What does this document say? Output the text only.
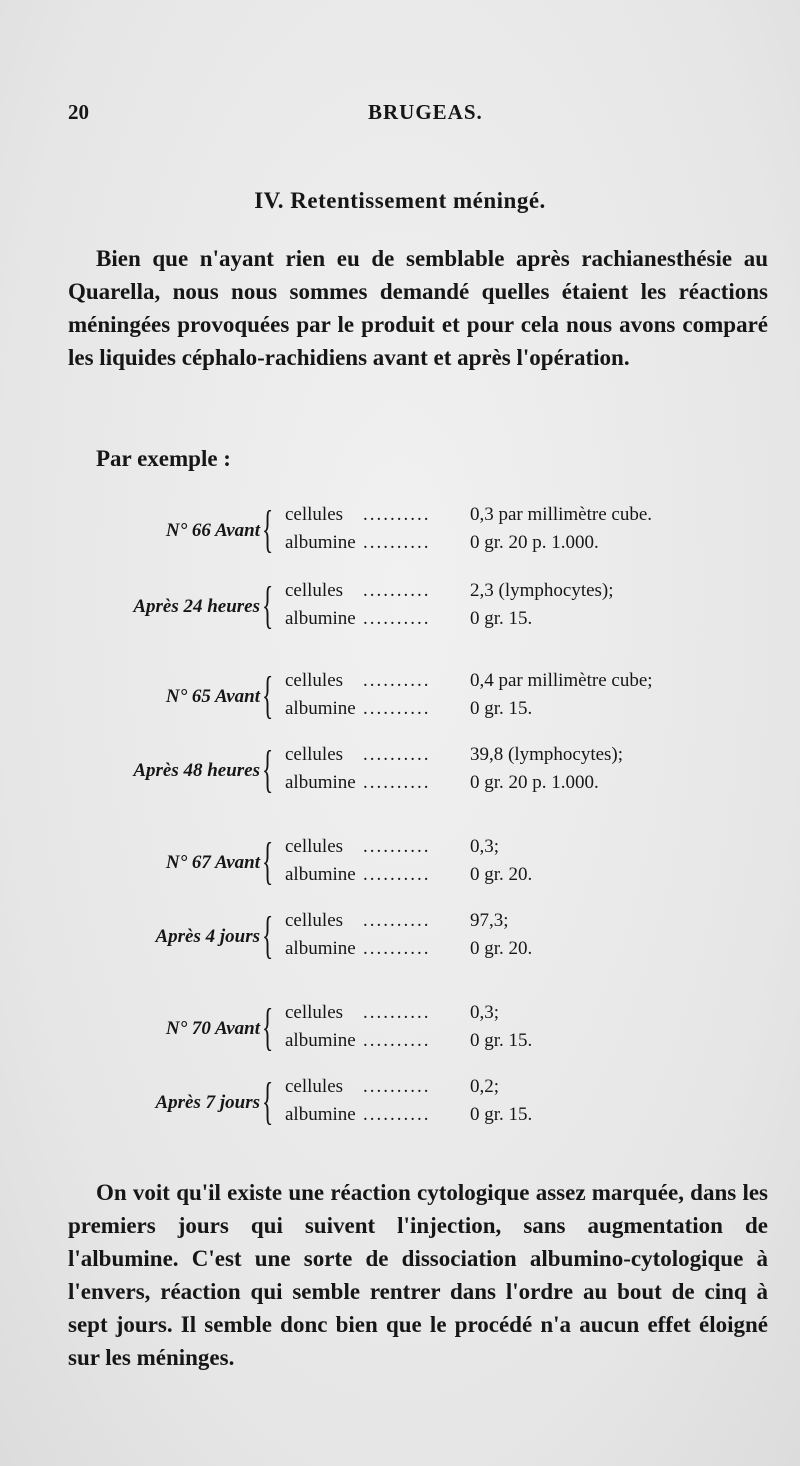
20	BRUGEAS.
IV. Retentissement méningé.
Bien que n'ayant rien eu de semblable après rachianesthésie au Quarella, nous nous sommes demandé quelles étaient les réactions méningées provoquées par le produit et pour cela nous avons comparé les liquides céphalo-rachidiens avant et après l'opération.
Par exemple :
N° 66 Avant { cellules ..........	0,3 par millimètre cube.
albumine ..........	0 gr. 20 p. 1.000.
Après 24 heures { cellules ..........	2,3 (lymphocytes);
albumine ..........	0 gr. 15.
N° 65 Avant { cellules ..........	0,4 par millimètre cube;
albumine ..........	0 gr. 15.
Après 48 heures { cellules ..........	39,8 (lymphocytes);
albumine ..........	0 gr. 20 p. 1.000.
N° 67 Avant { cellules ..........	0,3;
albumine ..........	0 gr. 20.
Après 4 jours { cellules ..........	97,3;
albumine ..........	0 gr. 20.
N° 70 Avant { cellules ..........	0,3;
albumine ..........	0 gr. 15.
Après 7 jours { cellules ..........	0,2;
albumine ..........	0 gr. 15.
On voit qu'il existe une réaction cytologique assez marquée, dans les premiers jours qui suivent l'injection, sans augmentation de l'albumine. C'est une sorte de dissociation albumino-cytologique à l'envers, réaction qui semble rentrer dans l'ordre au bout de cinq à sept jours. Il semble donc bien que le procédé n'a aucun effet éloigné sur les méninges.
